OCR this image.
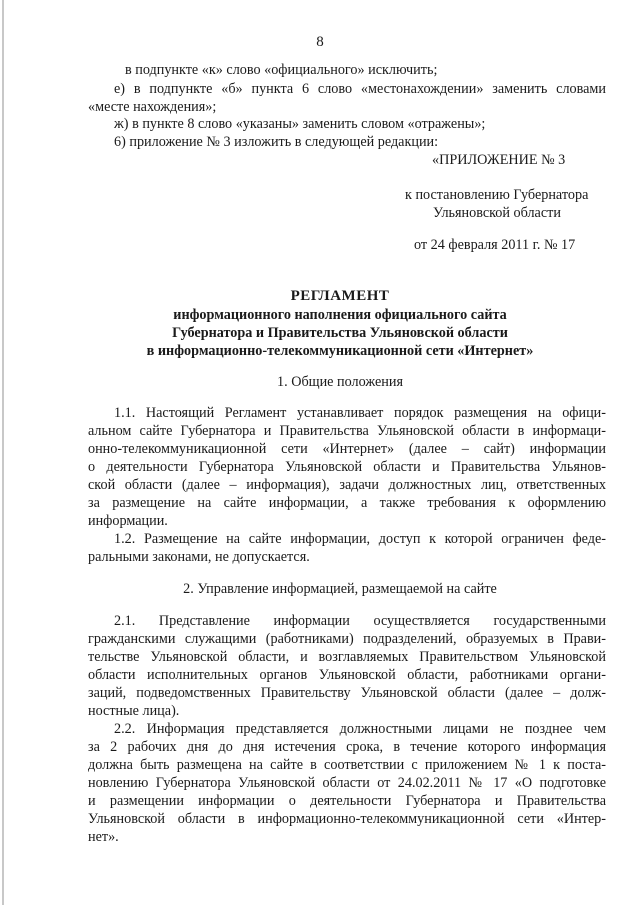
8
в подпункте «к» слово «официального» исключить;
е) в подпункте «б» пункта 6 слово «местонахождении» заменить словами
«месте нахождения»;
ж) в пункте 8 слово «указаны» заменить словом «отражены»;
6) приложение № 3 изложить в следующей редакции:
«ПРИЛОЖЕНИЕ № 3
к постановлению Губернатора
Ульяновской области
от 24 февраля 2011 г. № 17
РЕГЛАМЕНТ
информационного наполнения официального сайта
Губернатора и Правительства Ульяновской области
в информационно-телекоммуникационной сети «Интернет»
1. Общие положения
1.1. Настоящий Регламент устанавливает порядок размещения на офици-
альном сайте Губернатора и Правительства Ульяновской области в информаци-
онно-телекоммуникационной сети «Интернет» (далее – сайт) информации
о деятельности Губернатора Ульяновской области и Правительства Ульянов-
ской области (далее – информация), задачи должностных лиц, ответственных
за размещение на сайте информации, а также требования к оформлению
информации.
1.2. Размещение на сайте информации, доступ к которой ограничен феде-
ральными законами, не допускается.
2. Управление информацией, размещаемой на сайте
2.1. Представление информации осуществляется государственными
гражданскими служащими (работниками) подразделений, образуемых в Прави-
тельстве Ульяновской области, и возглавляемых Правительством Ульяновской
области исполнительных органов Ульяновской области, работниками органи-
заций, подведомственных Правительству Ульяновской области (далее – долж-
ностные лица).
2.2. Информация представляется должностными лицами не позднее чем
за 2 рабочих дня до дня истечения срока, в течение которого информация
должна быть размещена на сайте в соответствии с приложением № 1 к поста-
новлению Губернатора Ульяновской области от 24.02.2011 № 17 «О подготовке
и размещении информации о деятельности Губернатора и Правительства
Ульяновской области в информационно-телекоммуникационной сети «Интер-
нет».
